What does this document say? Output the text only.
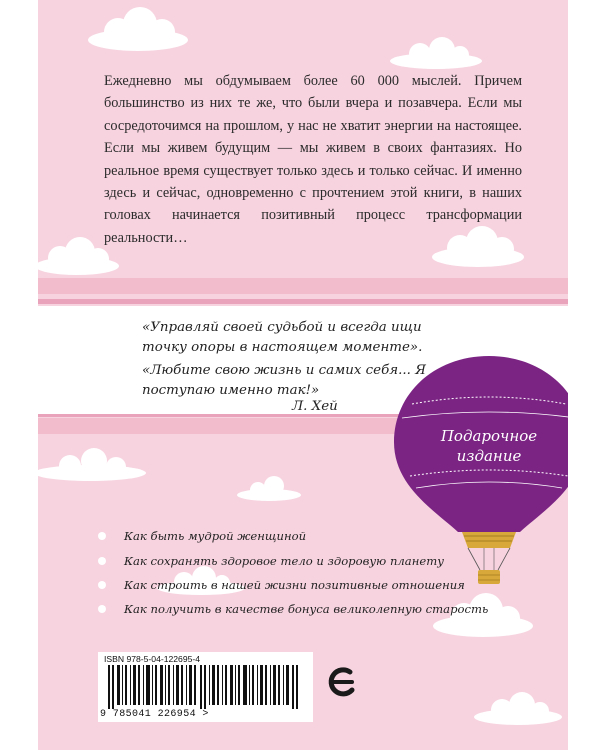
Ежедневно мы обдумываем более 60 000 мыслей. Причем большинство из них те же, что были вчера и позавчера. Если мы сосредоточимся на прошлом, у нас не хватит энергии на настоящее. Если мы живем будущим — мы живем в своих фантазиях. Но реальное время существует только здесь и только сейчас. И именно здесь и сейчас, одновременно с прочтением этой книги, в наших головах начинается позитивный процесс трансформации реальности…

«Управляй своей судьбой и всегда ищи точку опоры в настоящем моменте».

«Любите свою жизнь и самих себя... Я поступаю именно так!»

Л. Хей

Подарочное
издание
Как быть мудрой женщиной
Как сохранять здоровое тело и здоровую планету
Как строить в нашей жизни позитивные отношения
Как получить в качестве бонуса великолепную старость

ISBN 978-5-04-122695-4

9 785041 226954 >
